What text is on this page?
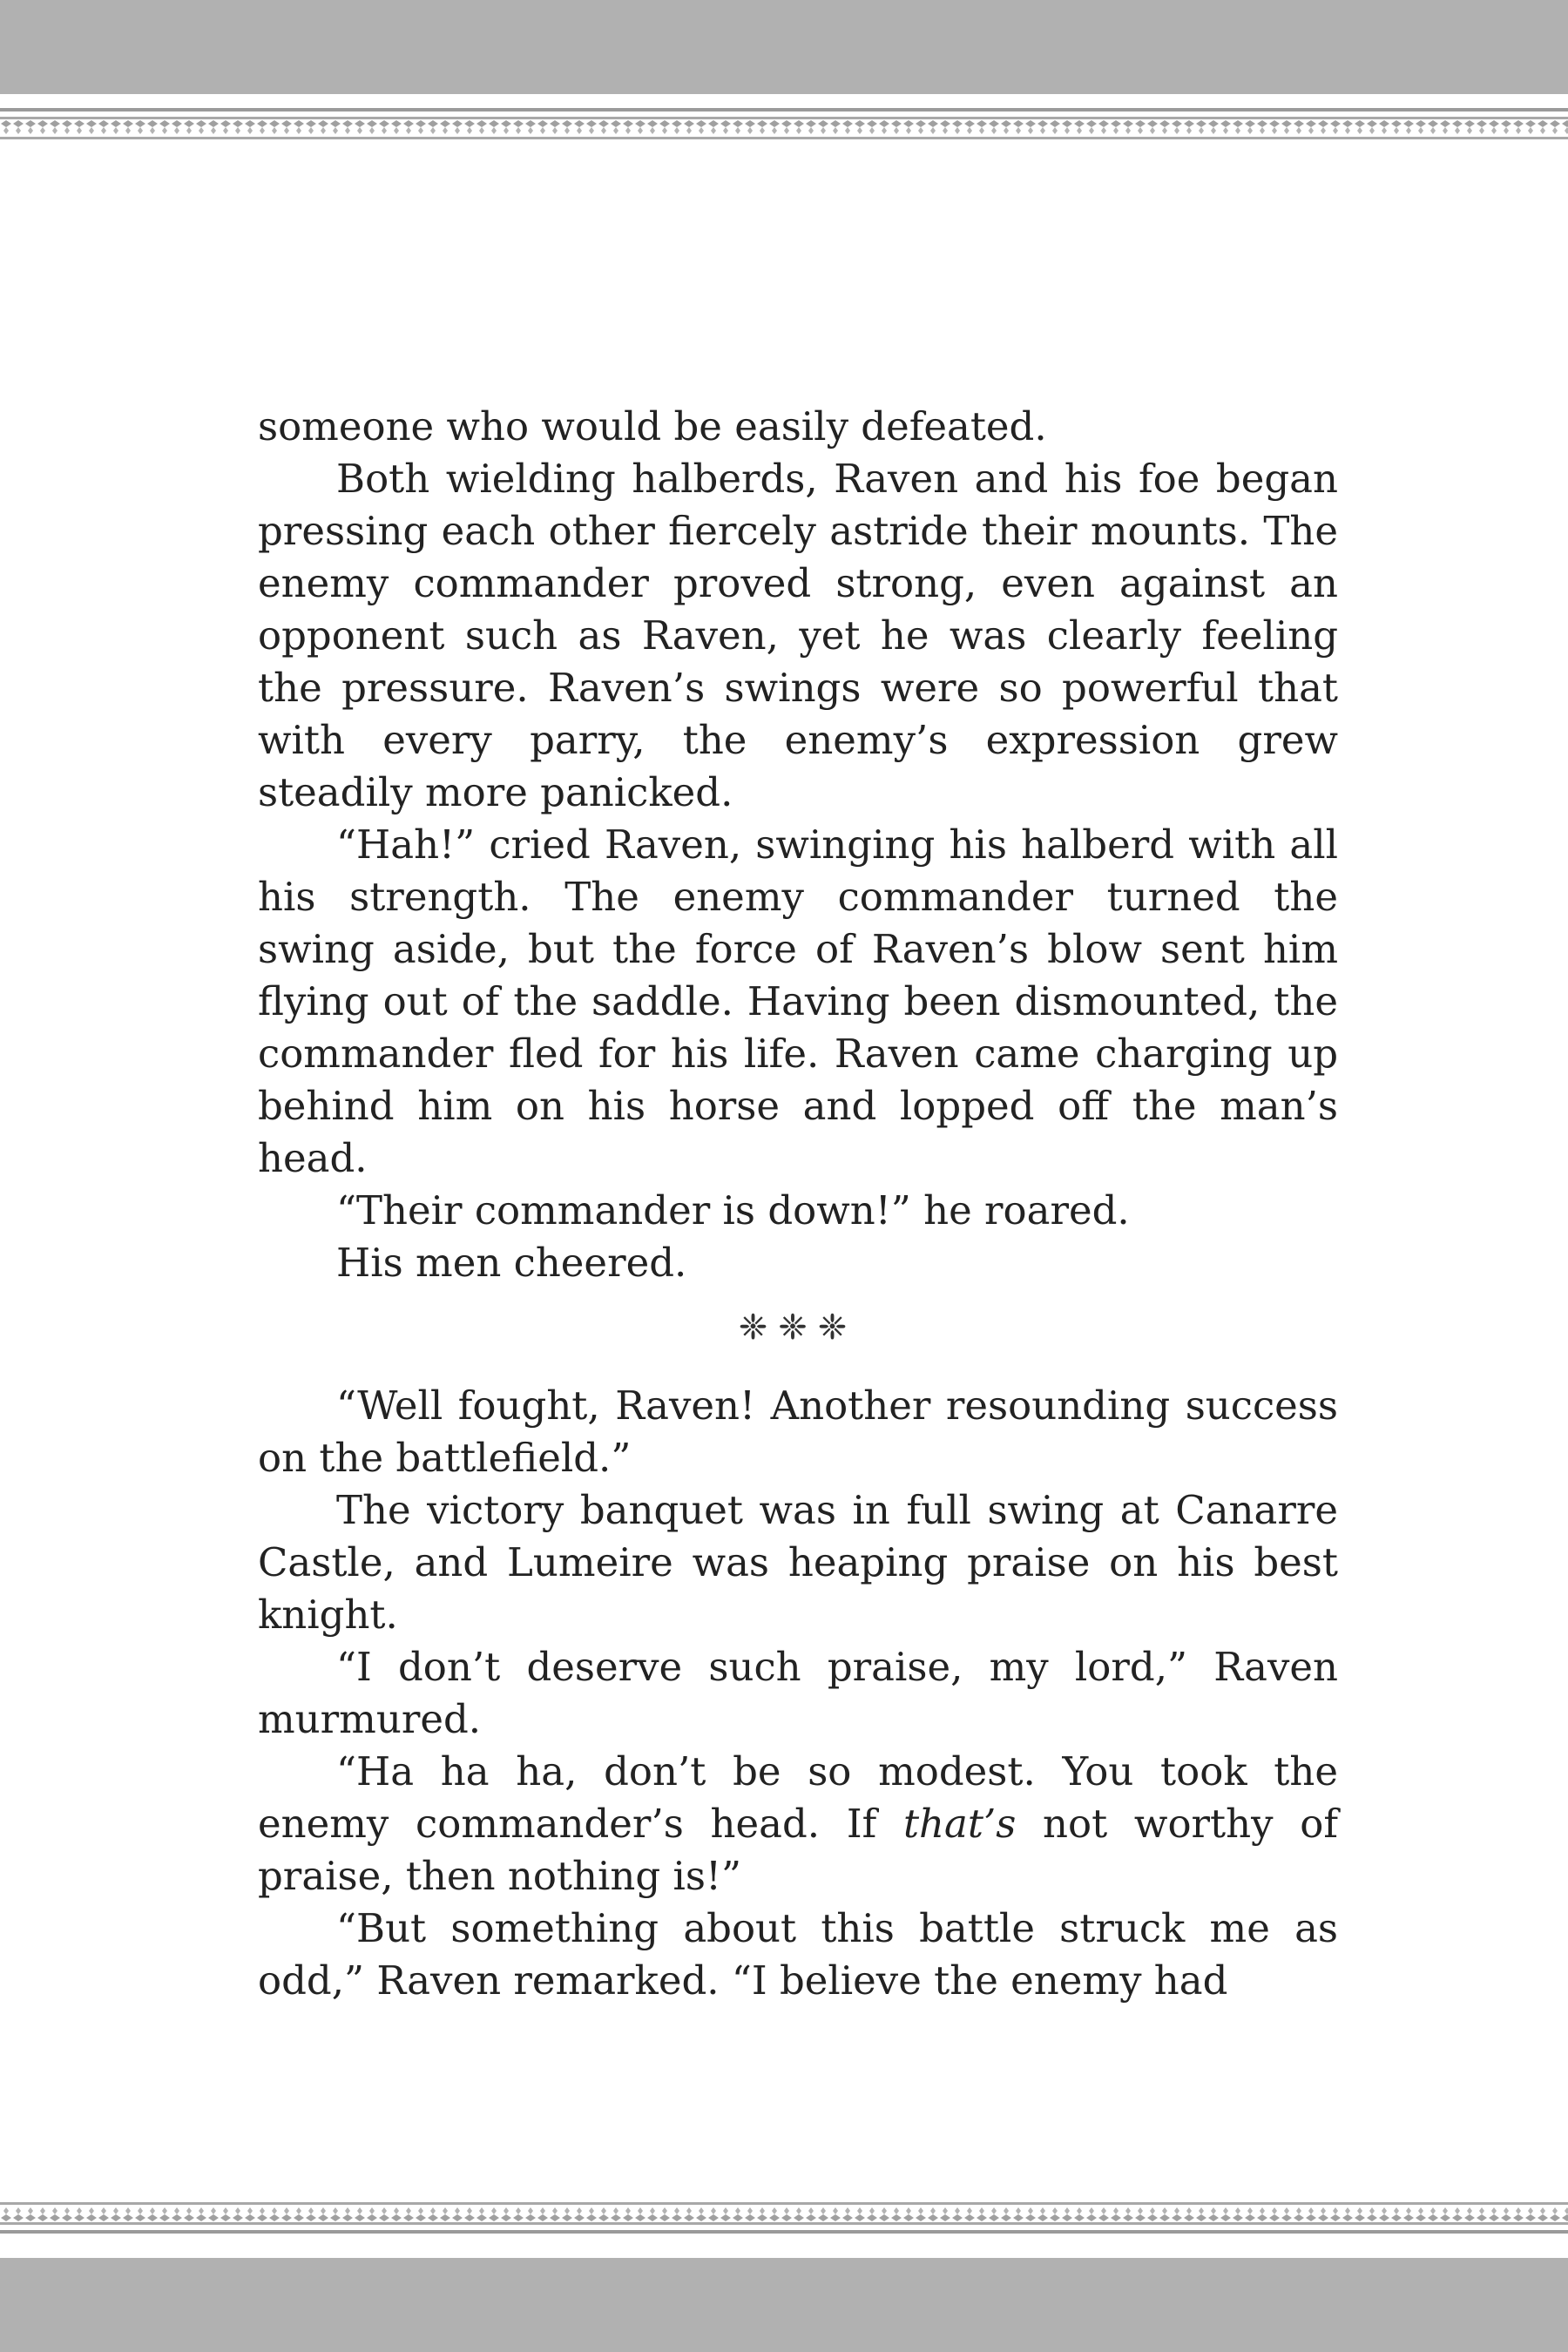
someone who would be easily defeated.

Both wielding halberds, Raven and his foe began pressing each other fiercely astride their mounts. The enemy commander proved strong, even against an opponent such as Raven, yet he was clearly feeling the pressure. Raven’s swings were so powerful that with every parry, the enemy’s expression grew steadily more panicked.

“Hah!” cried Raven, swinging his halberd with all his strength. The enemy commander turned the swing aside, but the force of Raven’s blow sent him flying out of the saddle. Having been dismounted, the commander fled for his life. Raven came charging up behind him on his horse and lopped off the man’s head.

“Their commander is down!” he roared.

His men cheered.

❈❈❈

“Well fought, Raven! Another resounding success on the battlefield.”

The victory banquet was in full swing at Canarre Castle, and Lumeire was heaping praise on his best knight.

“I don’t deserve such praise, my lord,” Raven murmured.

“Ha ha ha, don’t be so modest. You took the enemy commander’s head. If that’s not worthy of praise, then nothing is!”

“But something about this battle struck me as odd,” Raven remarked. “I believe the enemy had
